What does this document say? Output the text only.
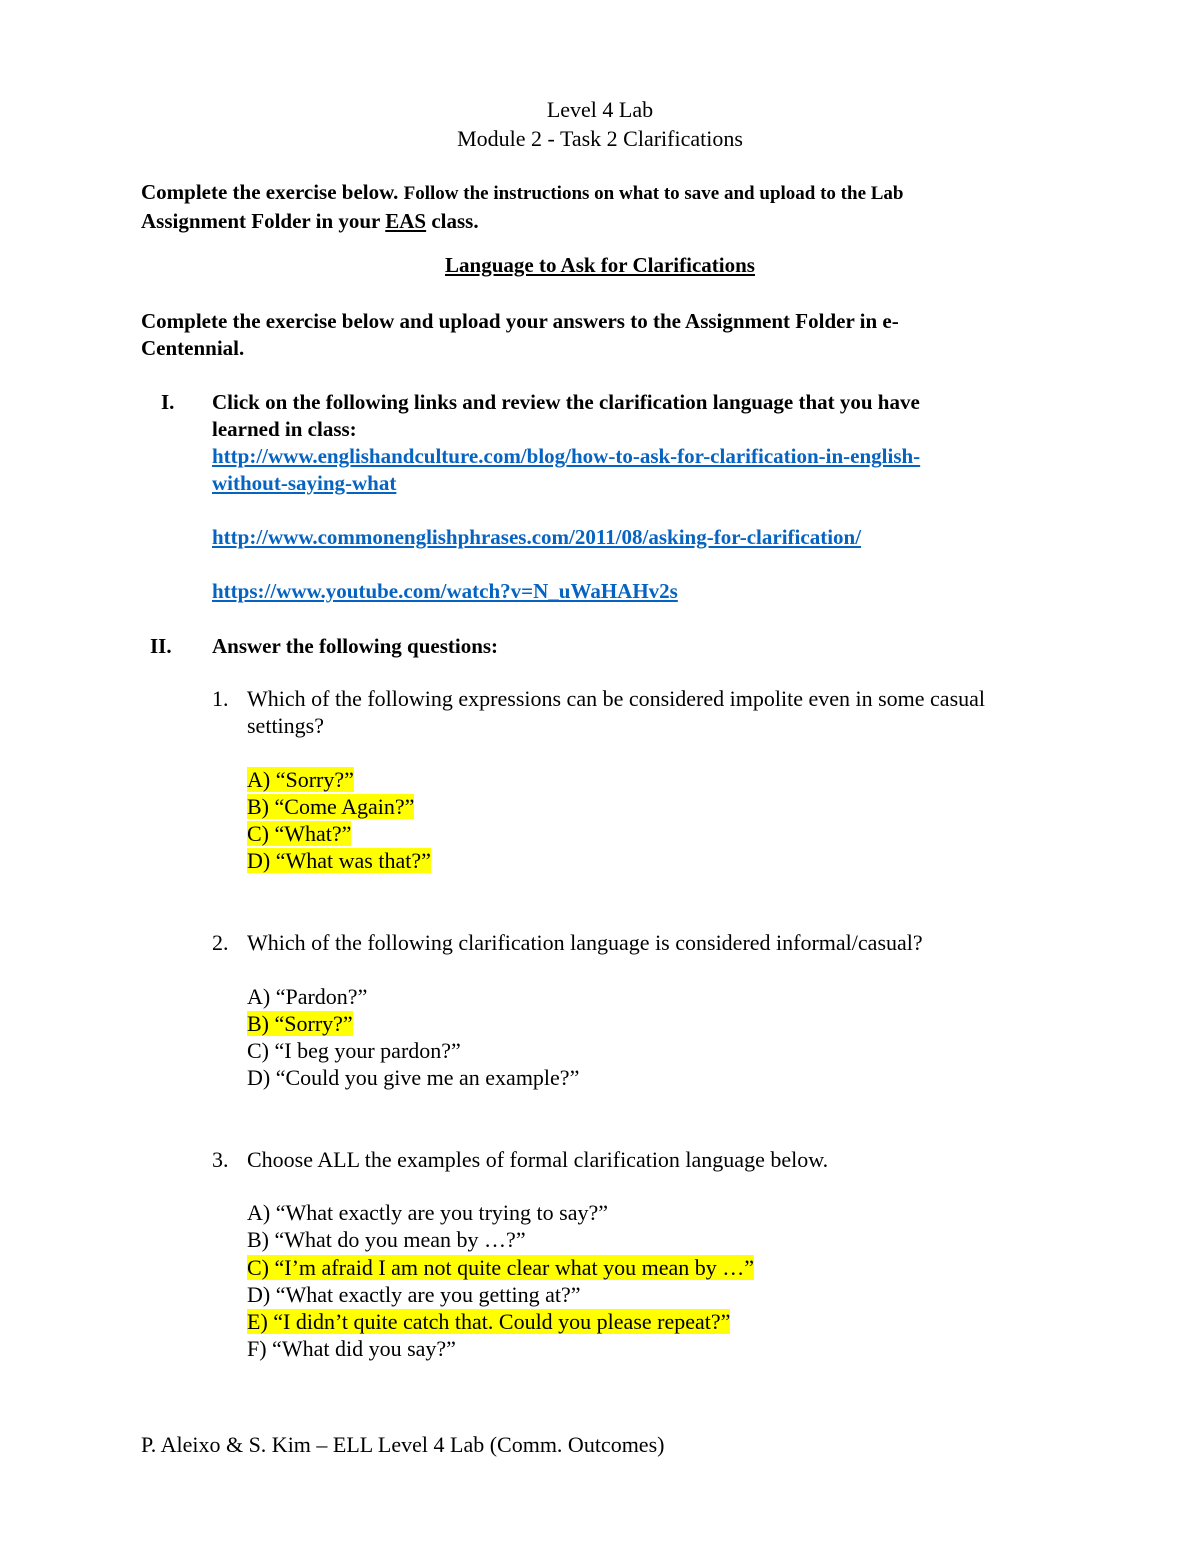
Level 4 Lab

Module 2 - Task 2 Clarifications

Complete the exercise below. Follow the instructions on what to save and upload to the Lab

Assignment Folder in your EAS class.

Language to Ask for Clarifications

Complete the exercise below and upload your answers to the Assignment Folder in e-

Centennial.

I. Click on the following links and review the clarification language that you have

learned in class:

http://www.englishandculture.com/blog/how-to-ask-for-clarification-in-english-

without-saying-what

http://www.commonenglishphrases.com/2011/08/asking-for-clarification/

https://www.youtube.com/watch?v=N_uWaHAHv2s

II. Answer the following questions:

1. Which of the following expressions can be considered impolite even in some casual

settings?

A) “Sorry?”

B) “Come Again?”

C) “What?”

D) “What was that?”

2. Which of the following clarification language is considered informal/casual?

A) “Pardon?”

B) “Sorry?”

C) “I beg your pardon?”

D) “Could you give me an example?”

3. Choose ALL the examples of formal clarification language below.

A) “What exactly are you trying to say?”

B) “What do you mean by …?”

C) “I’m afraid I am not quite clear what you mean by …”

D) “What exactly are you getting at?”

E) “I didn’t quite catch that. Could you please repeat?”

F) “What did you say?”

P. Aleixo & S. Kim – ELL Level 4 Lab (Comm. Outcomes)
